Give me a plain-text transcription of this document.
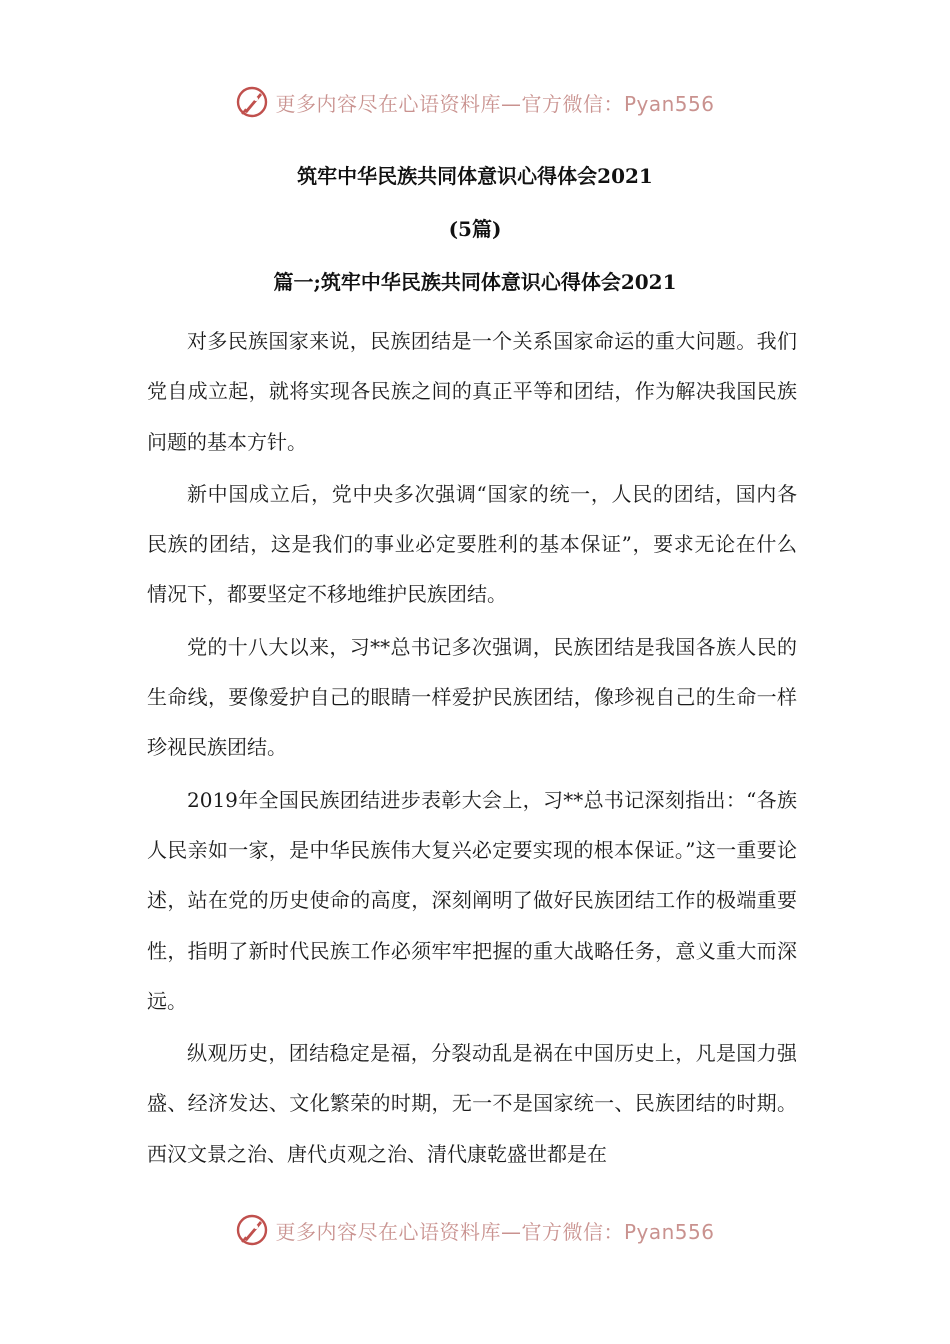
更多内容尽在心语资料库—官方微信：Pyan556
筑牢中华民族共同体意识心得体会2021
(5篇)
篇一;筑牢中华民族共同体意识心得体会2021

对多民族国家来说，民族团结是一个关系国家命运的重大问题。我们党自成立起，就将实现各民族之间的真正平等和团结，作为解决我国民族问题的基本方针。

新中国成立后，党中央多次强调“国家的统一，人民的团结，国内各民族的团结，这是我们的事业必定要胜利的基本保证”，要求无论在什么情况下，都要坚定不移地维护民族团结。

党的十八大以来，习**总书记多次强调，民族团结是我国各族人民的生命线，要像爱护自己的眼睛一样爱护民族团结，像珍视自己的生命一样珍视民族团结。

2019年全国民族团结进步表彰大会上，习**总书记深刻指出：“各族人民亲如一家，是中华民族伟大复兴必定要实现的根本保证。”这一重要论述，站在党的历史使命的高度，深刻阐明了做好民族团结工作的极端重要性，指明了新时代民族工作必须牢牢把握的重大战略任务，意义重大而深远。

纵观历史，团结稳定是福，分裂动乱是祸在中国历史上，凡是国力强盛、经济发达、文化繁荣的时期，无一不是国家统一、民族团结的时期。西汉文景之治、唐代贞观之治、清代康乾盛世都是在

更多内容尽在心语资料库—官方微信：Pyan556
